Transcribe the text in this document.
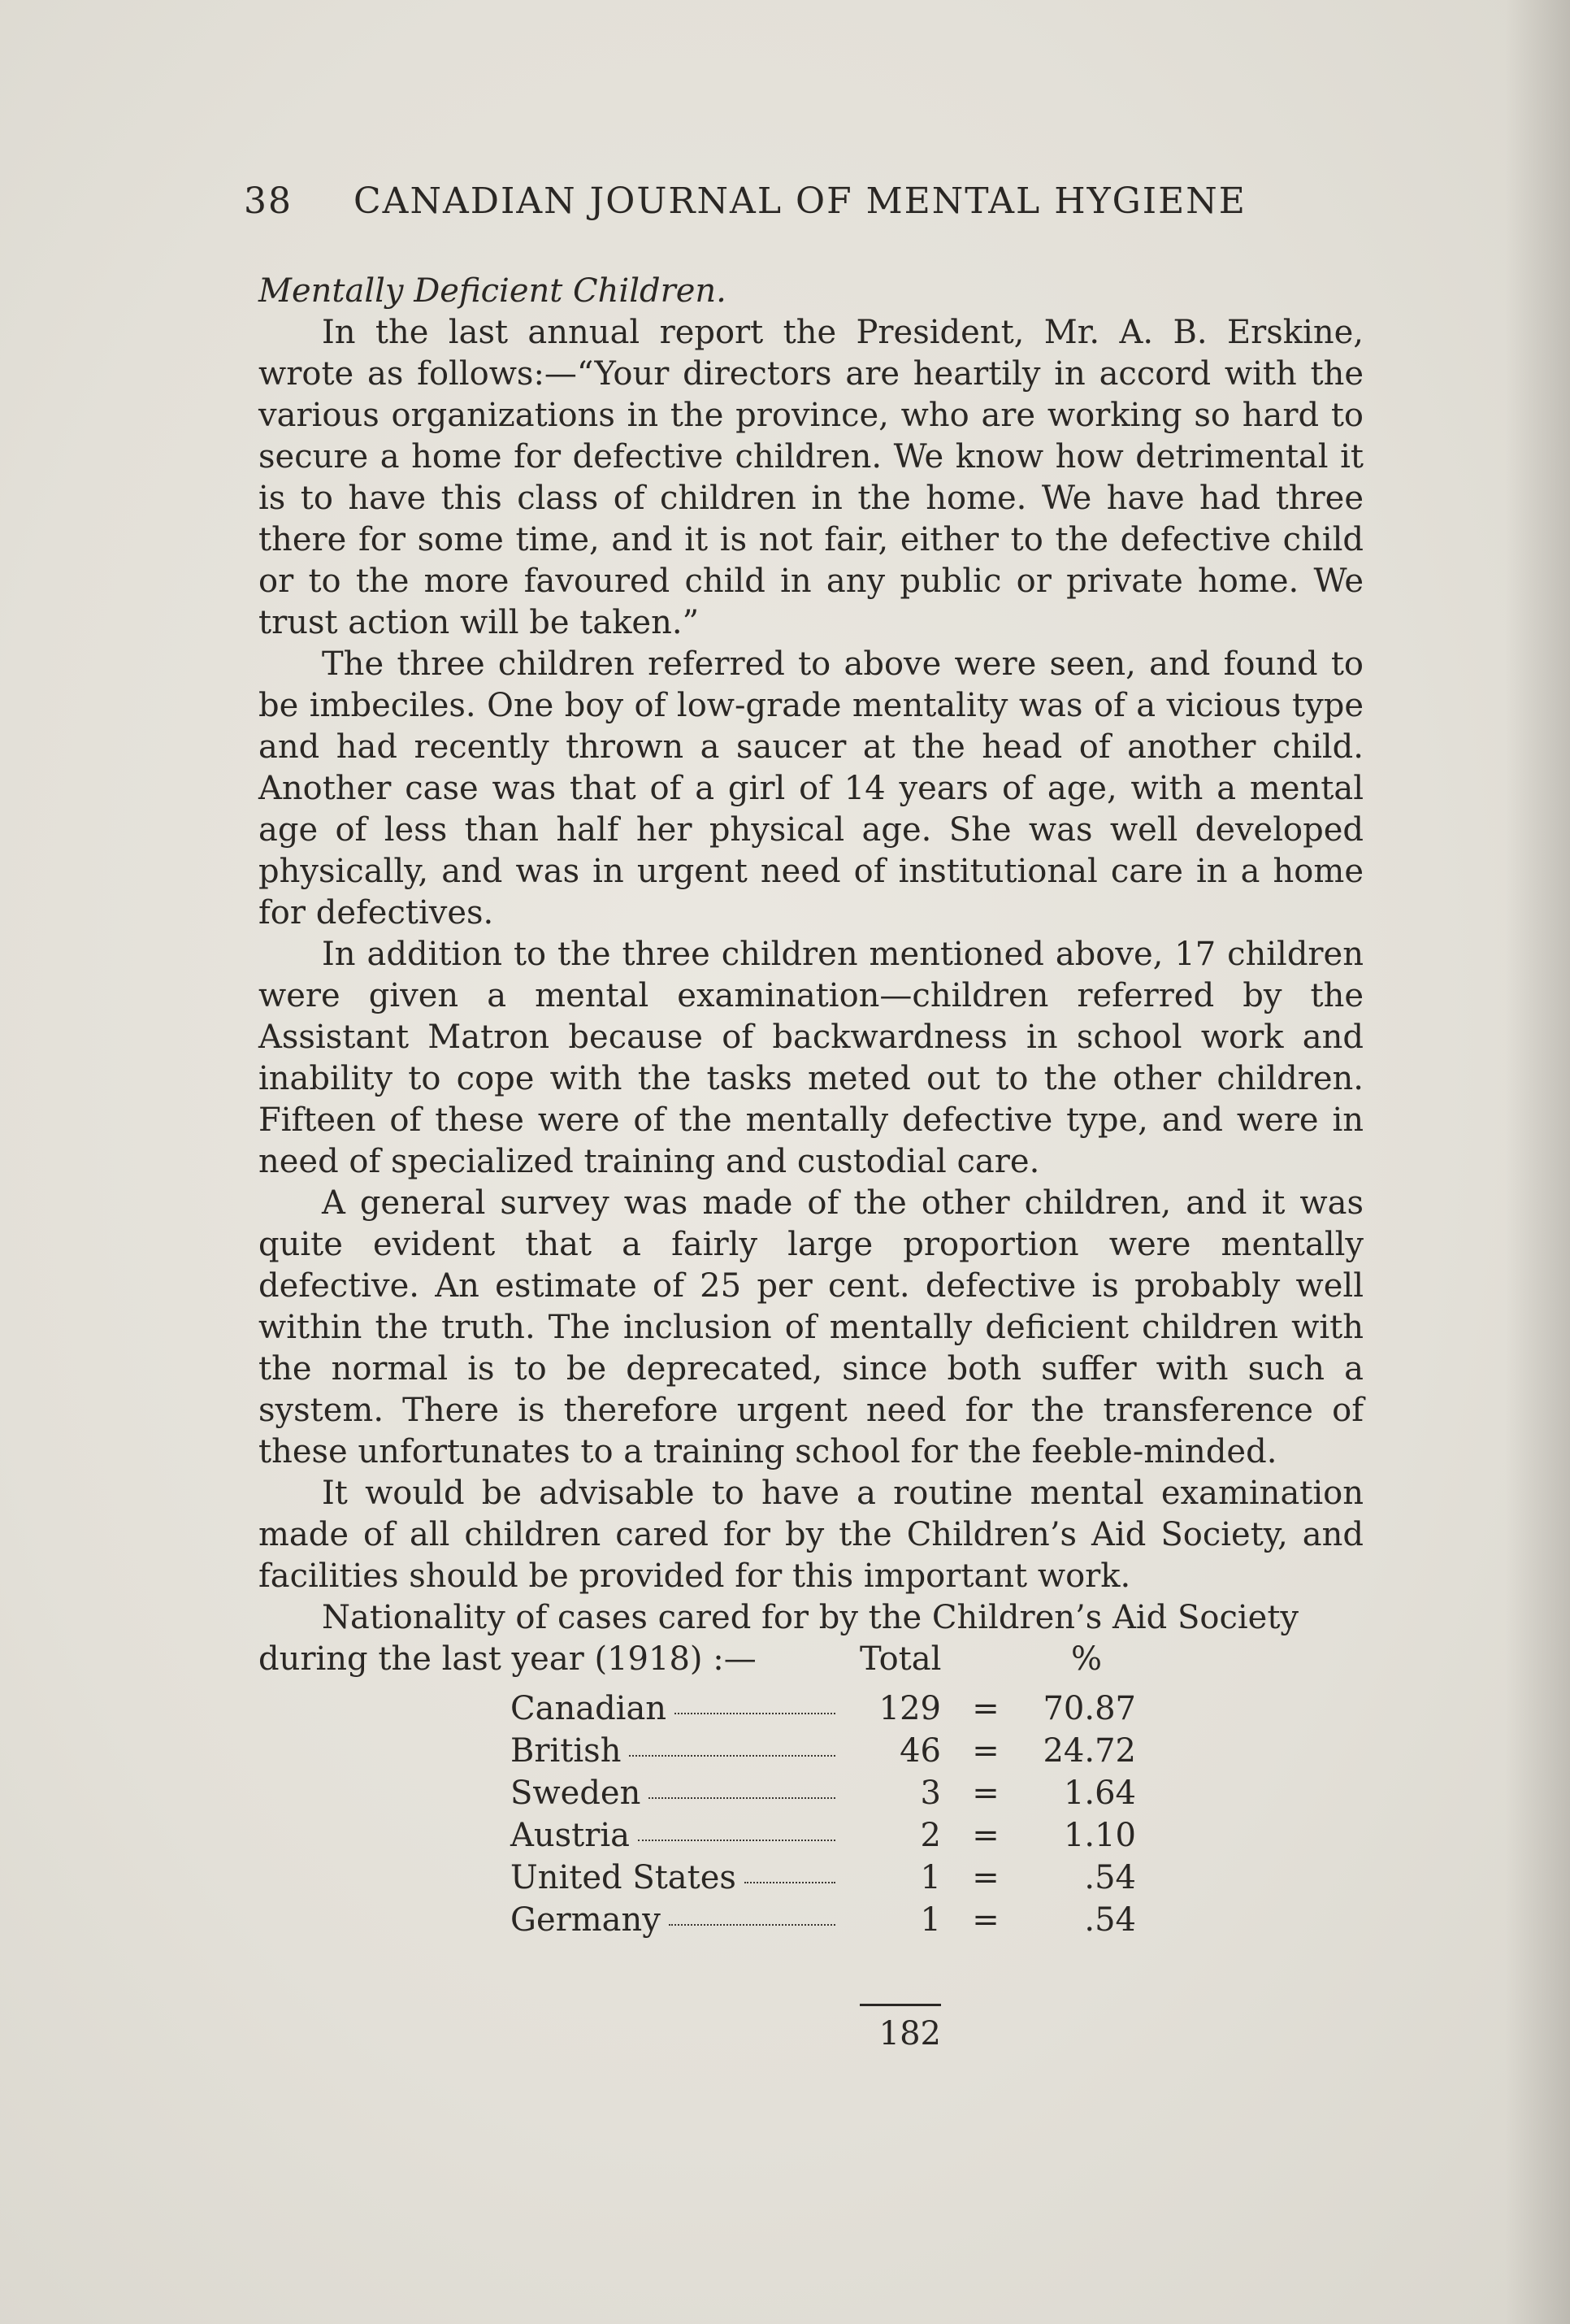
38 CANADIAN JOURNAL OF MENTAL HYGIENE

Mentally Deficient Children.

In the last annual report the President, Mr. A. B. Erskine, wrote as follows:—“Your directors are heartily in accord with the various organizations in the province, who are working so hard to secure a home for defective children. We know how detrimental it is to have this class of children in the home. We have had three there for some time, and it is not fair, either to the defective child or to the more favoured child in any public or private home. We trust action will be taken.”

The three children referred to above were seen, and found to be imbeciles. One boy of low-grade mentality was of a vicious type and had recently thrown a saucer at the head of another child. Another case was that of a girl of 14 years of age, with a mental age of less than half her physical age. She was well developed physically, and was in urgent need of institutional care in a home for defectives.

In addition to the three children mentioned above, 17 children were given a mental examination—children referred by the Assistant Matron because of backwardness in school work and inability to cope with the tasks meted out to the other children. Fifteen of these were of the mentally defective type, and were in need of specialized training and custodial care.

A general survey was made of the other children, and it was quite evident that a fairly large proportion were mentally defective. An estimate of 25 per cent. defective is probably well within the truth. The inclusion of mentally deficient children with the normal is to be deprecated, since both suffer with such a system. There is therefore urgent need for the transference of these unfortunates to a training school for the feeble-minded.

It would be advisable to have a routine mental examination made of all children cared for by the Children’s Aid Society, and facilities should be provided for this important work.

Nationality of cases cared for by the Children’s Aid Society during the last year (1918) :—	Total	%
Canadian	129 =	70.87
British	46 =	24.72
Sweden	3 =	1.64
Austria	2 =	1.10
United States	1 =	.54
Germany	1 =	.54
182
